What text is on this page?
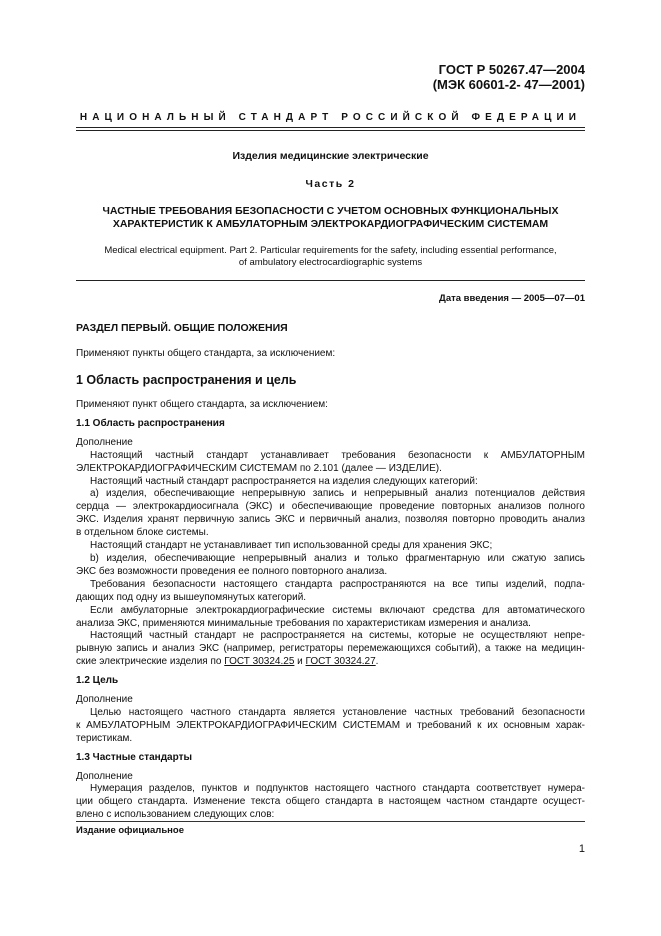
ГОСТ Р 50267.47—2004
(МЭК 60601-2- 47—2001)
НАЦИОНАЛЬНЫЙ СТАНДАРТ РОССИЙСКОЙ ФЕДЕРАЦИИ
Изделия медицинские электрические
Часть 2
ЧАСТНЫЕ ТРЕБОВАНИЯ БЕЗОПАСНОСТИ С УЧЕТОМ ОСНОВНЫХ ФУНКЦИОНАЛЬНЫХ
ХАРАКТЕРИСТИК К АМБУЛАТОРНЫМ ЭЛЕКТРОКАРДИОГРАФИЧЕСКИМ СИСТЕМАМ
Medical electrical equipment. Part 2. Particular requirements for the safety, including essential performance,
of ambulatory electrocardiographic systems
Дата введения — 2005—07—01
РАЗДЕЛ ПЕРВЫЙ. ОБЩИЕ ПОЛОЖЕНИЯ
Применяют пункты общего стандарта, за исключением:
1 Область распространения и цель

Применяют пункт общего стандарта, за исключением:

1.1 Область распространения

Дополнение

Настоящий частный стандарт устанавливает требования безопасности к АМБУЛАТОРНЫМ

ЭЛЕКТРОКАРДИОГРАФИЧЕСКИМ СИСТЕМАМ по 2.101 (далее — ИЗДЕЛИЕ).

Настоящий частный стандарт распространяется на изделия следующих категорий:

а) изделия, обеспечивающие непрерывную запись и непрерывный анализ потенциалов действия

сердца — электрокардиосигнала (ЭКС) и обеспечивающие проведение повторных анализов полного

ЭКС. Изделия хранят первичную запись ЭКС и первичный анализ, позволяя повторно проводить анализ

в отдельном блоке системы.

Настоящий стандарт не устанавливает тип использованной среды для хранения ЭКС;

b) изделия, обеспечивающие непрерывный анализ и только фрагментарную или сжатую запись

ЭКС без возможности проведения ее полного повторного анализа.

Требования безопасности настоящего стандарта распространяются на все типы изделий, подпа-

дающих под одну из вышеупомянутых категорий.

Если амбулаторные электрокардиографические системы включают средства для автоматического

анализа ЭКС, применяются минимальные требования по характеристикам измерения и анализа.

Настоящий частный стандарт не распространяется на системы, которые не осуществляют непре-

рывную запись и анализ ЭКС (например, регистраторы перемежающихся событий), а также на медицин-

ские электрические изделия по ГОСТ 30324.25 и ГОСТ 30324.27.

1.2 Цель

Дополнение

Целью настоящего частного стандарта является установление частных требований безопасности

к АМБУЛАТОРНЫМ ЭЛЕКТРОКАРДИОГРАФИЧЕСКИМ СИСТЕМАМ и требований к их основным харак-

теристикам.

1.3 Частные стандарты

Дополнение

Нумерация разделов, пунктов и подпунктов настоящего частного стандарта соответствует нумера-

ции общего стандарта. Изменение текста общего стандарта в настоящем частном стандарте осущест-

влено с использованием следующих слов:

Издание официальное
1
